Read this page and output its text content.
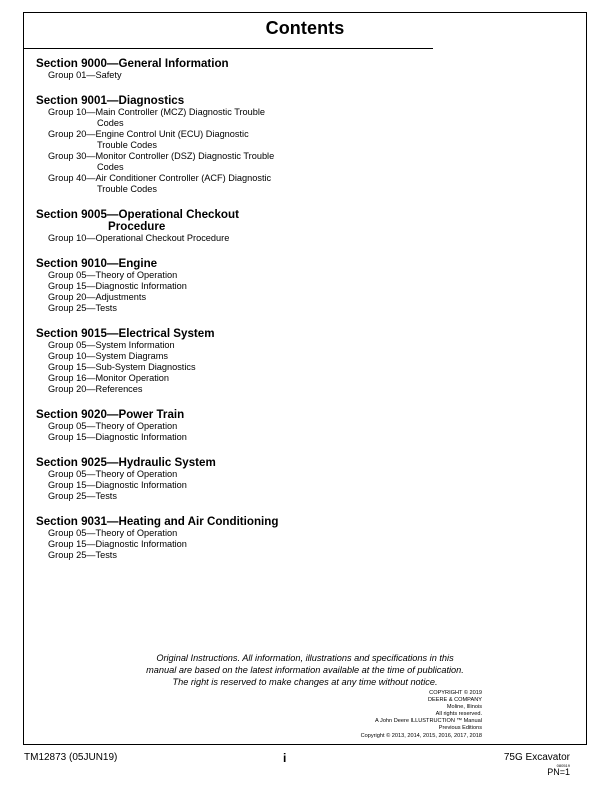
Contents
Section 9000—General Information
Group 01—Safety
Section 9001—Diagnostics
Group 10—Main Controller (MCZ) Diagnostic Trouble
Codes
Group 20—Engine Control Unit (ECU) Diagnostic
Trouble Codes
Group 30—Monitor Controller (DSZ) Diagnostic Trouble
Codes
Group 40—Air Conditioner Controller (ACF) Diagnostic
Trouble Codes
Section 9005—Operational Checkout
Procedure
Group 10—Operational Checkout Procedure
Section 9010—Engine
Group 05—Theory of Operation
Group 15—Diagnostic Information
Group 20—Adjustments
Group 25—Tests
Section 9015—Electrical System
Group 05—System Information
Group 10—System Diagrams
Group 15—Sub-System Diagnostics
Group 16—Monitor Operation
Group 20—References
Section 9020—Power Train
Group 05—Theory of Operation
Group 15—Diagnostic Information
Section 9025—Hydraulic System
Group 05—Theory of Operation
Group 15—Diagnostic Information
Group 25—Tests
Section 9031—Heating and Air Conditioning
Group 05—Theory of Operation
Group 15—Diagnostic Information
Group 25—Tests
Original Instructions. All information, illustrations and specifications in this
manual are based on the latest information available at the time of publication.
The right is reserved to make changes at any time without notice.
COPYRIGHT © 2019
DEERE & COMPANY
Moline, Illinois
All rights reserved.
A John Deere ILLUSTRUCTION ™ Manual
Previous Editions
Copyright © 2013, 2014, 2015, 2016, 2017, 2018
TM12873 (05JUN19)	i	75G Excavator
080519
PN=1
